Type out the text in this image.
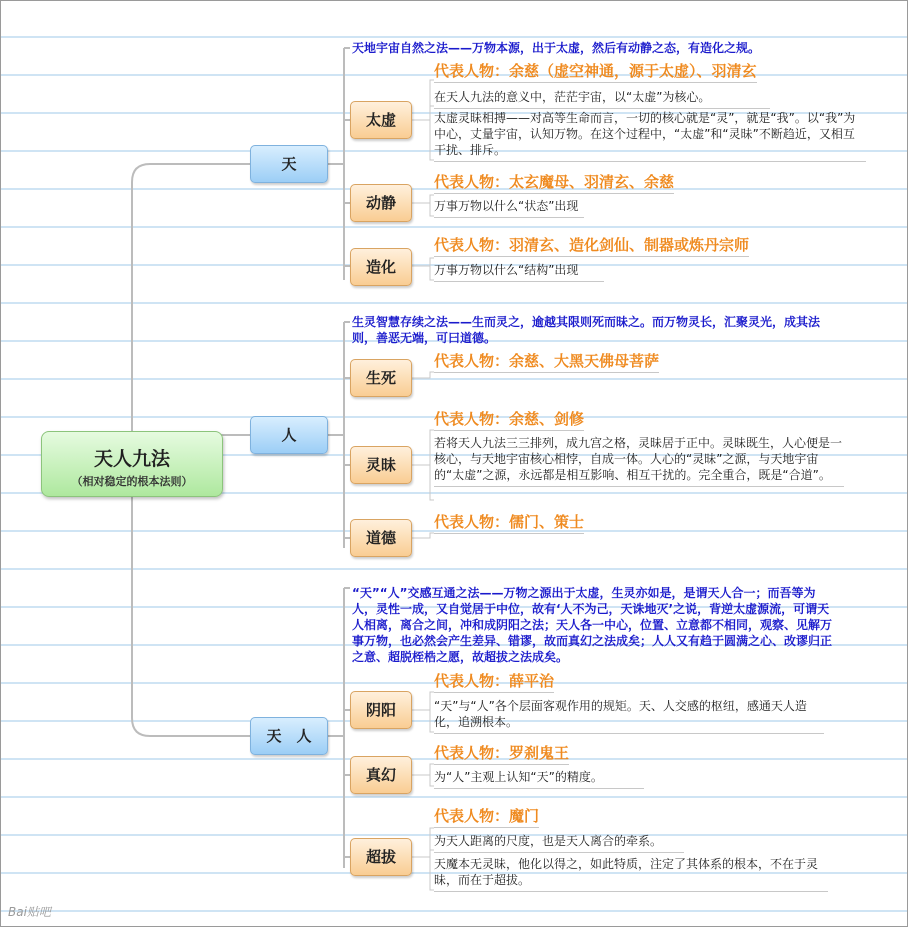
天人九法
（相对稳定的根本法则）
天

天地宇宙自然之法——万物本源，出于太虚，然后有动静之态，有造化之规。

太虚
代表人物：余慈（虚空神通，源于太虚）、羽清玄

在天人九法的意义中，茫茫宇宙，以“太虚”为核心。

太虚灵昧相搏——对高等生命而言，一切的核心就是“灵”，就是“我”。以“我”为中心，丈量宇宙，认知万物。在这个过程中，“太虚”和“灵昧”不断趋近，又相互干扰、排斥。

动静
代表人物：太玄魔母、羽清玄、余慈

万事万物以什么“状态”出现

造化
代表人物：羽清玄、造化剑仙、制器或炼丹宗师

万事万物以什么“结构”出现

人

生灵智慧存续之法——生而灵之，逾越其限则死而昧之。而万物灵长，汇聚灵光，成其法则，善恶无端，可曰道德。

生死
代表人物：余慈、大黑天佛母菩萨
灵昧
代表人物：余慈、剑修

若将天人九法三三排列，成九宫之格，灵昧居于正中。灵昧既生，人心便是一核心，与天地宇宙核心相悖，自成一体。人心的“灵昧”之源，与天地宇宙的“太虚”之源，永远都是相互影响、相互干扰的。完全重合，既是“合道”。

道德
代表人物：儒门、策士
天　人

“天”“人”交感互通之法——万物之源出于太虚，生灵亦如是，是谓天人合一；而吾等为人，灵性一成，又自觉居于中位，故有‘人不为己，天诛地灭’之说，背逆太虚源流，可谓天人相离，离合之间，冲和成阴阳之法；天人各一中心，位置、立意都不相同，观察、见解万事万物，也必然会产生差异、错谬，故而真幻之法成矣；人人又有趋于圆满之心、改谬归正之意、超脱桎梏之愿，故超拔之法成矣。

阴阳
代表人物：薛平治

“天”与“人”各个层面客观作用的规矩。天、人交感的枢纽，感通天人造化，追溯根本。

真幻
代表人物：罗刹鬼王

为“人”主观上认知“天”的精度。

超拔
代表人物：魔门

为天人距离的尺度，也是天人离合的牵系。

天魔本无灵昧，他化以得之，如此特质，注定了其体系的根本，不在于灵昧，而在于超拔。

Bai贴吧
